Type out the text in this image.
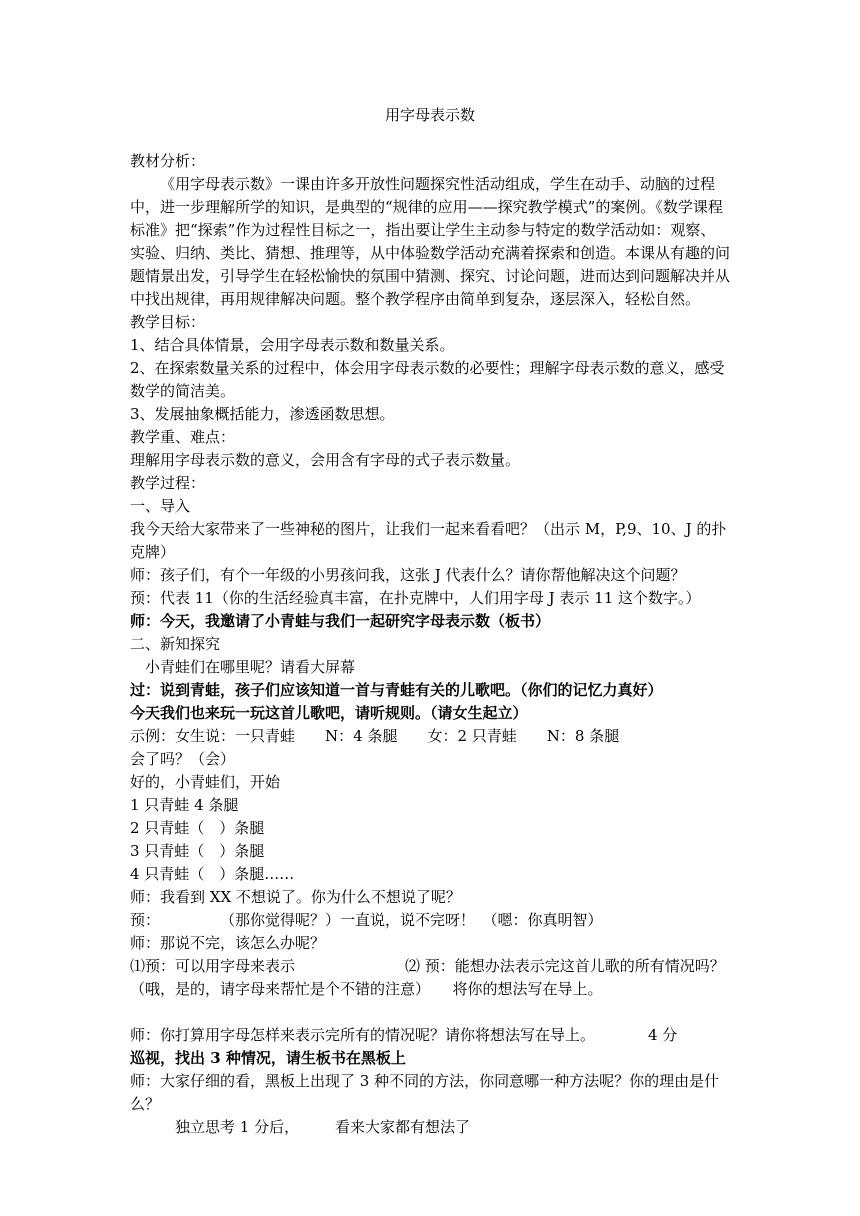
用字母表示数

教材分析：

《用字母表示数》一课由许多开放性问题探究性活动组成，学生在动手、动脑的过程中，进一步理解所学的知识，是典型的“规律的应用——探究教学模式”的案例。《数学课程标准》把“探索”作为过程性目标之一，指出要让学生主动参与特定的数学活动如：观察、实验、归纳、类比、猜想、推理等，从中体验数学活动充满着探索和创造。本课从有趣的问题情景出发，引导学生在轻松愉快的氛围中猜测、探究、讨论问题，进而达到问题解决并从中找出规律，再用规律解决问题。整个教学程序由简单到复杂，逐层深入，轻松自然。

教学目标：

1、结合具体情景，会用字母表示数和数量关系。

2、在探索数量关系的过程中，体会用字母表示数的必要性；理解字母表示数的意义，感受数学的简洁美。

3、发展抽象概括能力，渗透函数思想。

教学重、难点：

理解用字母表示数的意义，会用含有字母的式子表示数量。

教学过程：

一、导入

我今天给大家带来了一些神秘的图片，让我们一起来看看吧？（出示 M，P,9、10、J 的扑克牌）

师：孩子们，有个一年级的小男孩问我，这张 J 代表什么？请你帮他解决这个问题？

预：代表 11（你的生活经验真丰富，在扑克牌中，人们用字母 J 表示 11 这个数字。）

师：今天，我邀请了小青蛙与我们一起研究字母表示数（板书）

二、新知探究

小青蛙们在哪里呢？请看大屏幕

过：说到青蛙，孩子们应该知道一首与青蛙有关的儿歌吧。（你们的记忆力真好）

今天我们也来玩一玩这首儿歌吧，请听规则。（请女生起立）

示例：女生说：一只青蛙　　N：4 条腿　　女：2 只青蛙　　N：8 条腿

会了吗？（会）

好的，小青蛙们，开始

1 只青蛙 4 条腿

2 只青蛙（　）条腿

3 只青蛙（　）条腿

4 只青蛙（　）条腿……

师：我看到 XX 不想说了。你为什么不想说了呢？

预：　　　　　（那你觉得呢？）一直说，说不完呀！　（嗯：你真明智）

师：那说不完，该怎么办呢？

⑴预：可以用字母来表示	⑵ 预：能想办法表示完这首儿歌的所有情况吗？

（哦，是的，请字母来帮忙是个不错的注意）　　将你的想法写在导上。

师：你打算用字母怎样来表示完所有的情况呢？请你将想法写在导上。	4 分

巡视，找出 3 种情况，请生板书在黑板上

师：大家仔细的看，黑板上出现了 3 种不同的方法，你同意哪一种方法呢？你的理由是什么？

独立思考 1 分后，	看来大家都有想法了
